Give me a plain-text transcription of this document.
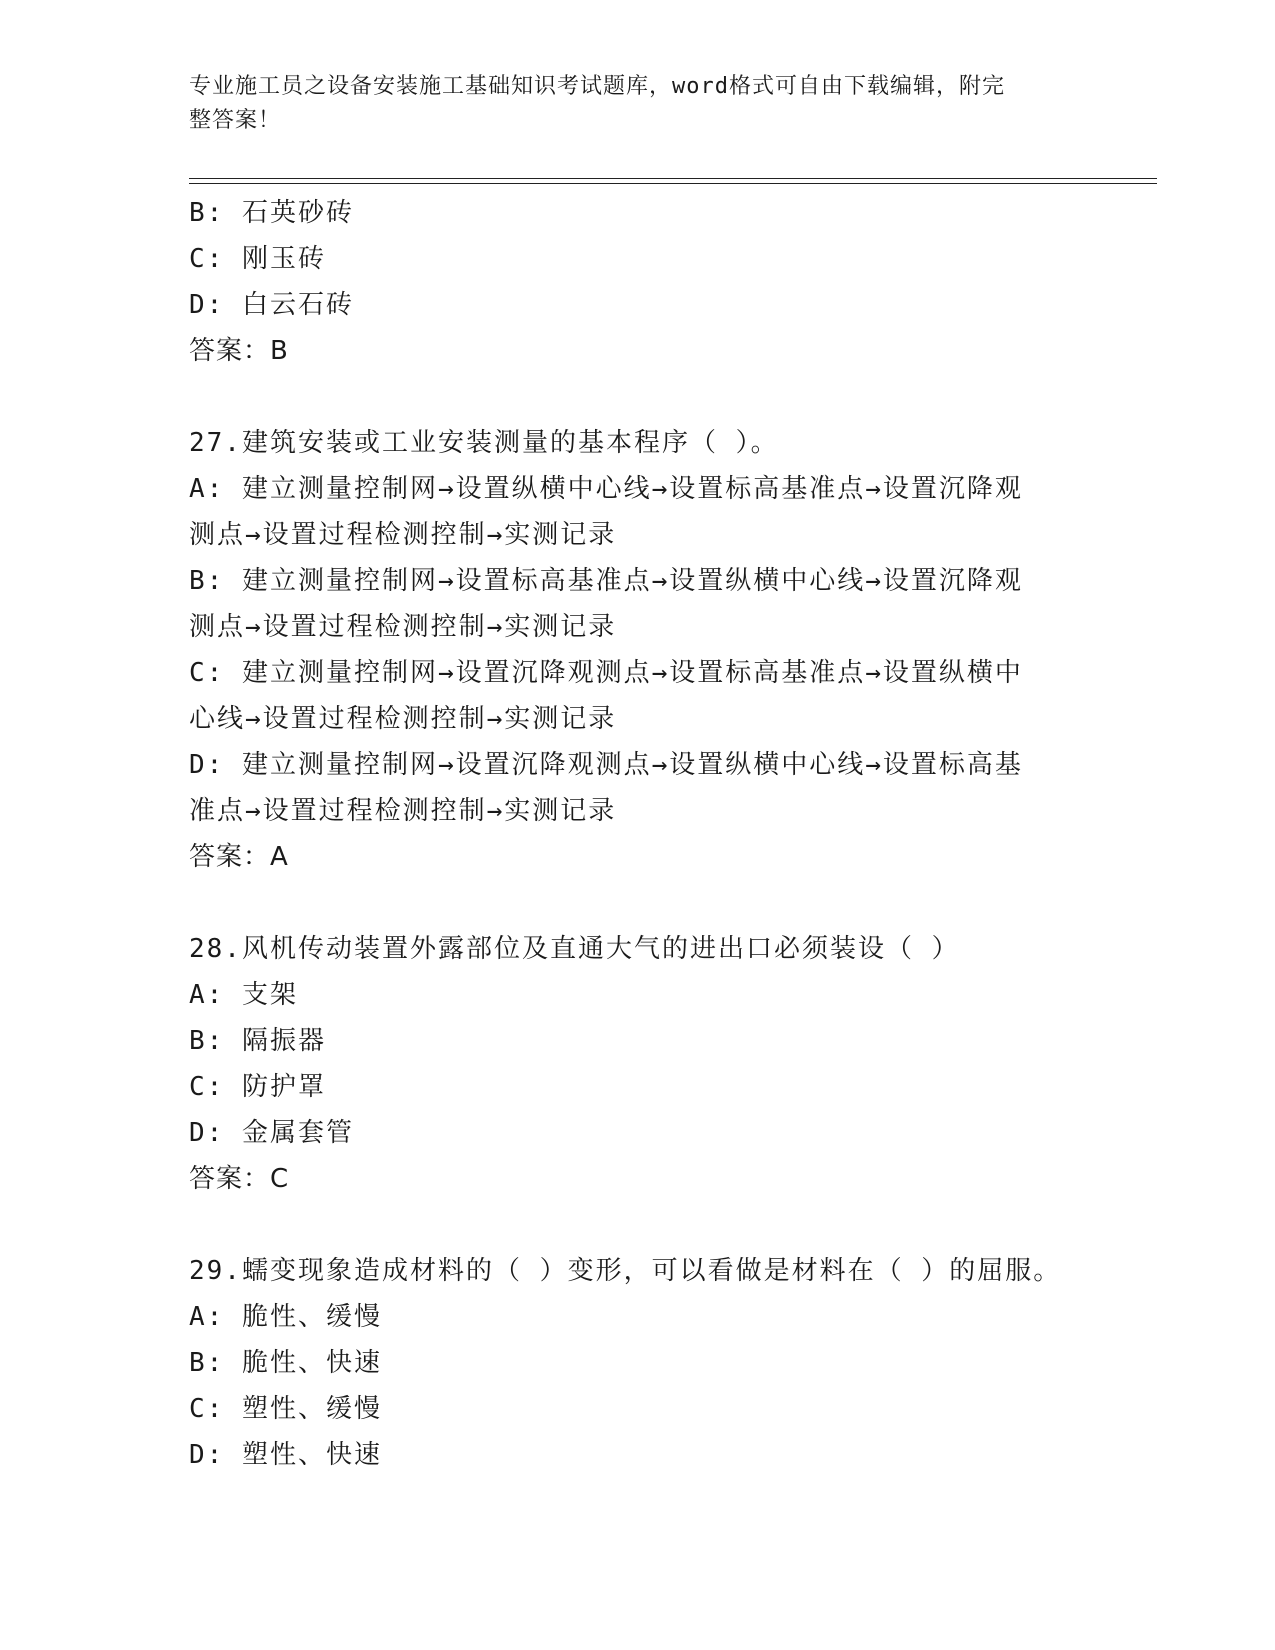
专业施工员之设备安装施工基础知识考试题库，word格式可自由下载编辑，附完
整答案！
B: 石英砂砖
C: 刚玉砖
D: 白云石砖
答案：B
27.建筑安装或工业安装测量的基本程序（ ）。
A: 建立测量控制网→设置纵横中心线→设置标高基准点→设置沉降观
测点→设置过程检测控制→实测记录
B: 建立测量控制网→设置标高基准点→设置纵横中心线→设置沉降观
测点→设置过程检测控制→实测记录
C: 建立测量控制网→设置沉降观测点→设置标高基准点→设置纵横中
心线→设置过程检测控制→实测记录
D: 建立测量控制网→设置沉降观测点→设置纵横中心线→设置标高基
准点→设置过程检测控制→实测记录
答案：A
28.风机传动装置外露部位及直通大气的进出口必须装设（ ）
A: 支架
B: 隔振器
C: 防护罩
D: 金属套管
答案：C
29.蠕变现象造成材料的（ ）变形，可以看做是材料在（ ）的屈服。
A: 脆性、缓慢
B: 脆性、快速
C: 塑性、缓慢
D: 塑性、快速
